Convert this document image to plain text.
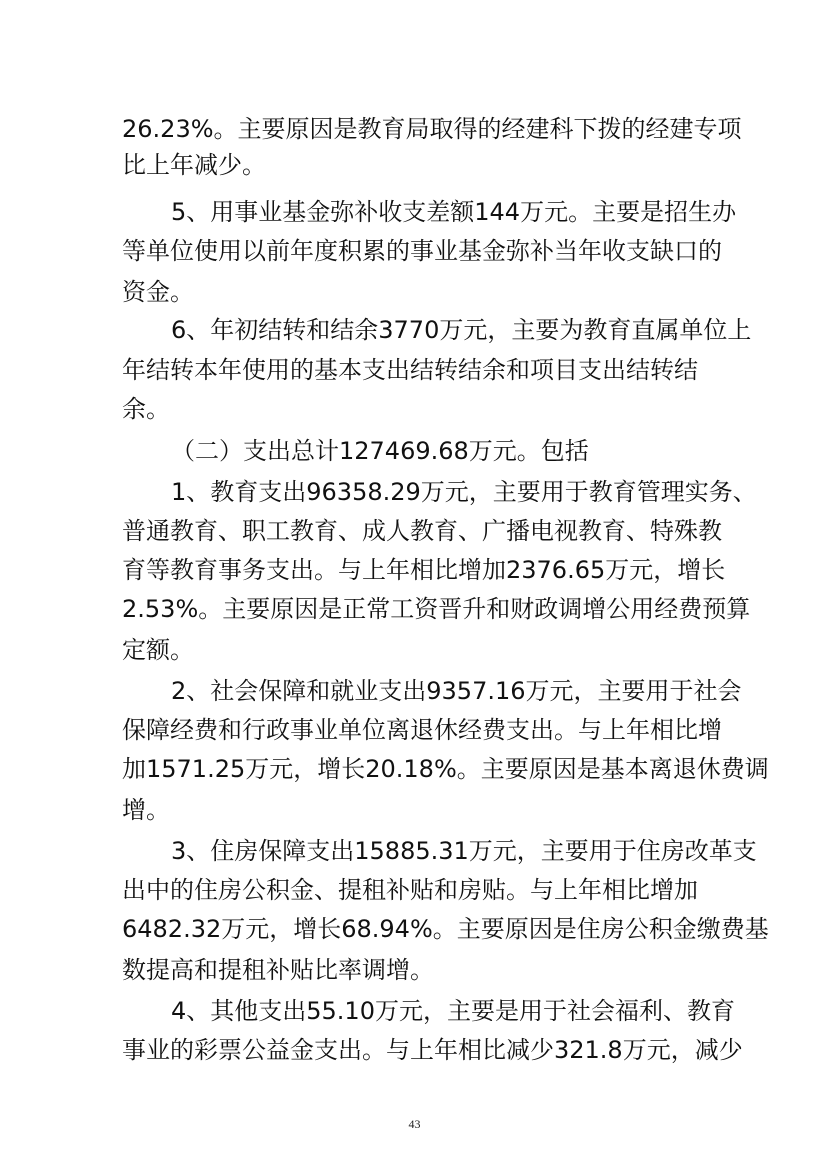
26.23%。主要原因是教育局取得的经建科下拨的经建专项
比上年减少。
5、用事业基金弥补收支差额144万元。主要是招生办
等单位使用以前年度积累的事业基金弥补当年收支缺口的
资金。
6、年初结转和结余3770万元，主要为教育直属单位上
年结转本年使用的基本支出结转结余和项目支出结转结
余。
（二）支出总计127469.68万元。包括
1、教育支出96358.29万元，主要用于教育管理实务、
普通教育、职工教育、成人教育、广播电视教育、特殊教
育等教育事务支出。与上年相比增加2376.65万元，增长
2.53%。主要原因是正常工资晋升和财政调增公用经费预算
定额。
2、社会保障和就业支出9357.16万元，主要用于社会
保障经费和行政事业单位离退休经费支出。与上年相比增
加1571.25万元，增长20.18%。主要原因是基本离退休费调
增。
3、住房保障支出15885.31万元，主要用于住房改革支
出中的住房公积金、提租补贴和房贴。与上年相比增加
6482.32万元，增长68.94%。主要原因是住房公积金缴费基
数提高和提租补贴比率调增。
4、其他支出55.10万元，主要是用于社会福利、教育
事业的彩票公益金支出。与上年相比减少321.8万元，减少
43
